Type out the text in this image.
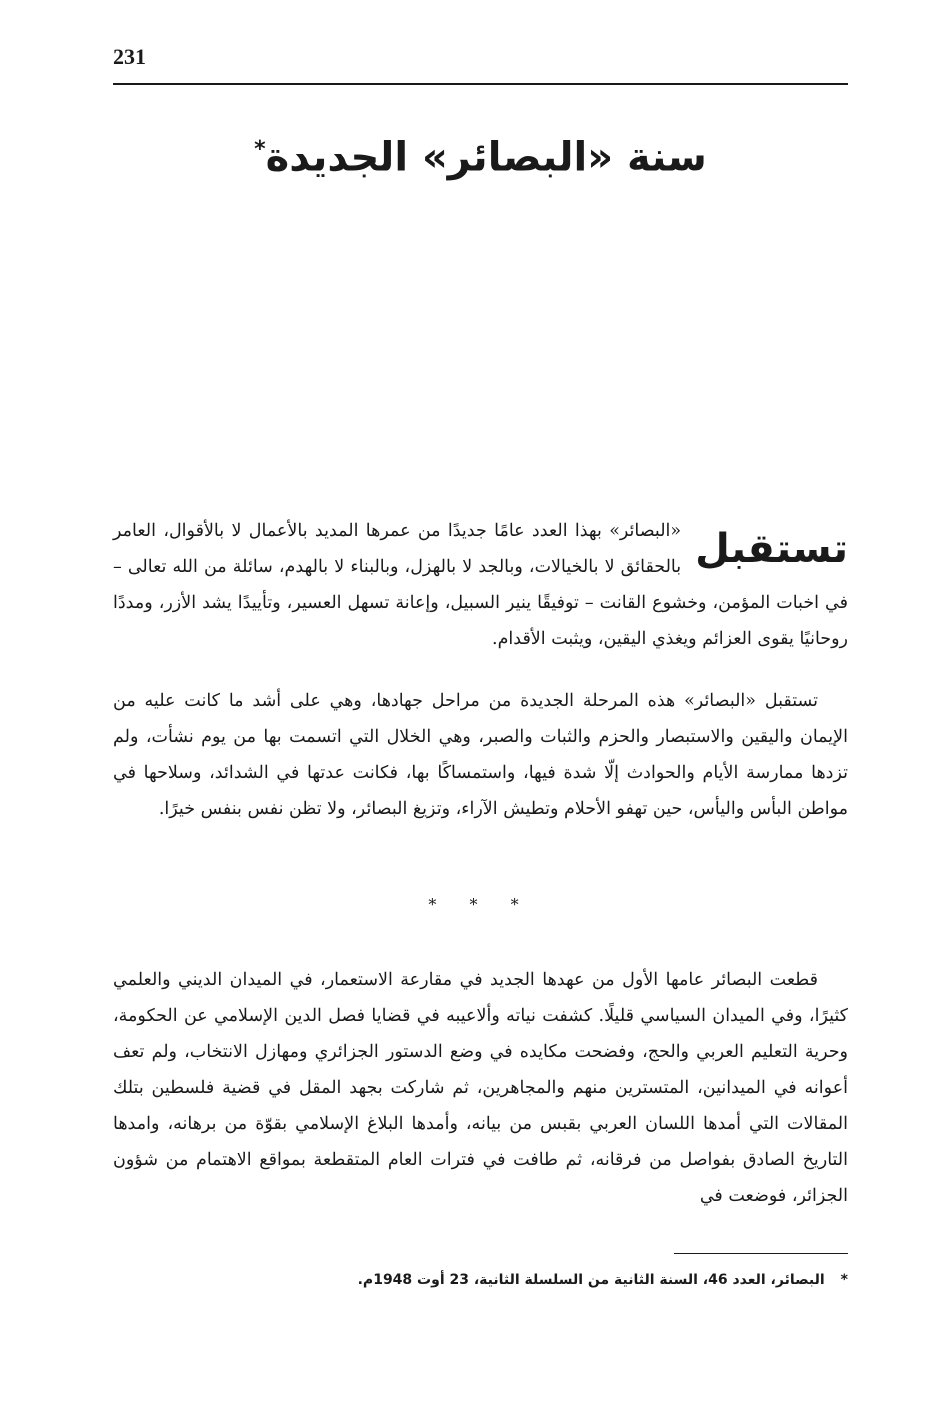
231
سنة «البصائر» الجديدة*
تستقبل
«البصائر» بهذا العدد عامًا جديدًا من عمرها المديد بالأعمال لا بالأقوال، العامر بالحقائق لا بالخيالات، وبالجد لا بالهزل، وبالبناء لا بالهدم، سائلة من الله تعالى – في اخبات المؤمن، وخشوع القانت – توفيقًا ينير السبيل، وإعانة تسهل العسير، وتأييدًا يشد الأزر، ومددًا روحانيًا يقوى العزائم ويغذي اليقين، ويثبت الأقدام.
تستقبل «البصائر» هذه المرحلة الجديدة من مراحل جهادها، وهي على أشد ما كانت عليه من الإيمان واليقين والاستبصار والحزم والثبات والصبر، وهي الخلال التي اتسمت بها من يوم نشأت، ولم تزدها ممارسة الأيام والحوادث إلّا شدة فيها، واستمساكًا بها، فكانت عدتها في الشدائد، وسلاحها في مواطن البأس واليأس، حين تهفو الأحلام وتطيش الآراء، وتزيغ البصائر، ولا تظن نفس بنفس خيرًا.
* * *
قطعت البصائر عامها الأول من عهدها الجديد في مقارعة الاستعمار، في الميدان الديني والعلمي كثيرًا، وفي الميدان السياسي قليلًا. كشفت نياته وألاعيبه في قضايا فصل الدين الإسلامي عن الحكومة، وحرية التعليم العربي والحج، وفضحت مكايده في وضع الدستور الجزائري ومهازل الانتخاب، ولم تعف أعوانه في الميدانين، المتسترين منهم والمجاهرين، ثم شاركت بجهد المقل في قضية فلسطين بتلك المقالات التي أمدها اللسان العربي بقبس من بيانه، وأمدها البلاغ الإسلامي بقوّة من برهانه، وامدها التاريخ الصادق بفواصل من فرقانه، ثم طافت في فترات العام المتقطعة بمواقع الاهتمام من شؤون الجزائر، فوضعت في
*البصائر، العدد 46، السنة الثانية من السلسلة الثانية، 23 أوت 1948م.
